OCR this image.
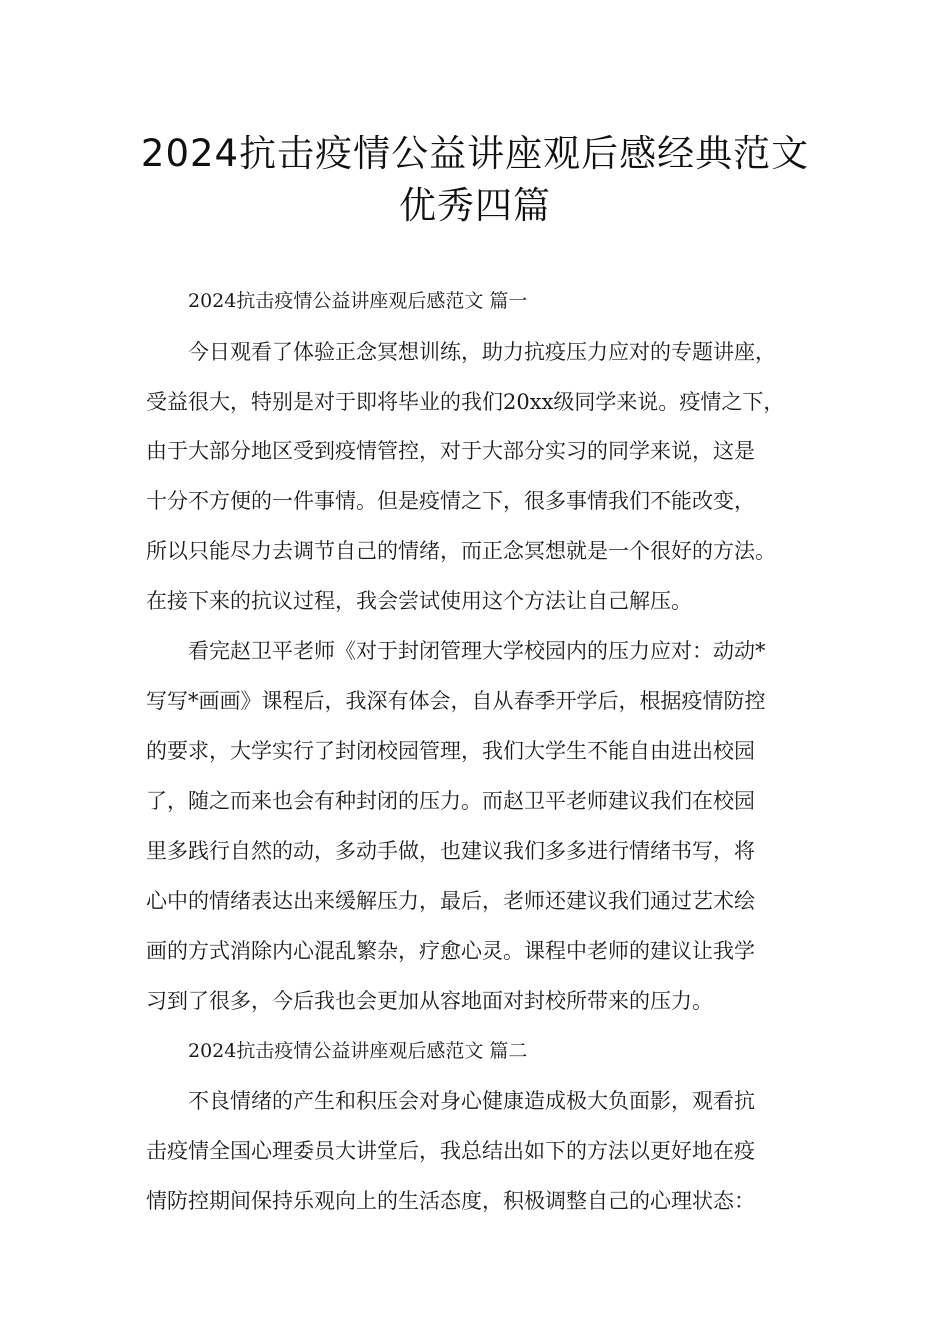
2024抗击疫情公益讲座观后感经典范文
优秀四篇
2024抗击疫情公益讲座观后感范文 篇一
今日观看了体验正念冥想训练，助力抗疫压力应对的专题讲座，
受益很大，特别是对于即将毕业的我们20xx级同学来说。疫情之下，
由于大部分地区受到疫情管控，对于大部分实习的同学来说，这是
十分不方便的一件事情。但是疫情之下，很多事情我们不能改变，
所以只能尽力去调节自己的情绪，而正念冥想就是一个很好的方法。
在接下来的抗议过程，我会尝试使用这个方法让自己解压。
看完赵卫平老师《对于封闭管理大学校园内的压力应对：动动*
写写*画画》课程后，我深有体会，自从春季开学后，根据疫情防控
的要求，大学实行了封闭校园管理，我们大学生不能自由进出校园
了，随之而来也会有种封闭的压力。而赵卫平老师建议我们在校园
里多践行自然的动，多动手做，也建议我们多多进行情绪书写，将
心中的情绪表达出来缓解压力，最后，老师还建议我们通过艺术绘
画的方式消除内心混乱繁杂，疗愈心灵。课程中老师的建议让我学
习到了很多，今后我也会更加从容地面对封校所带来的压力。
2024抗击疫情公益讲座观后感范文 篇二
不良情绪的产生和积压会对身心健康造成极大负面影，观看抗
击疫情全国心理委员大讲堂后，我总结出如下的方法以更好地在疫
情防控期间保持乐观向上的生活态度，积极调整自己的心理状态：
